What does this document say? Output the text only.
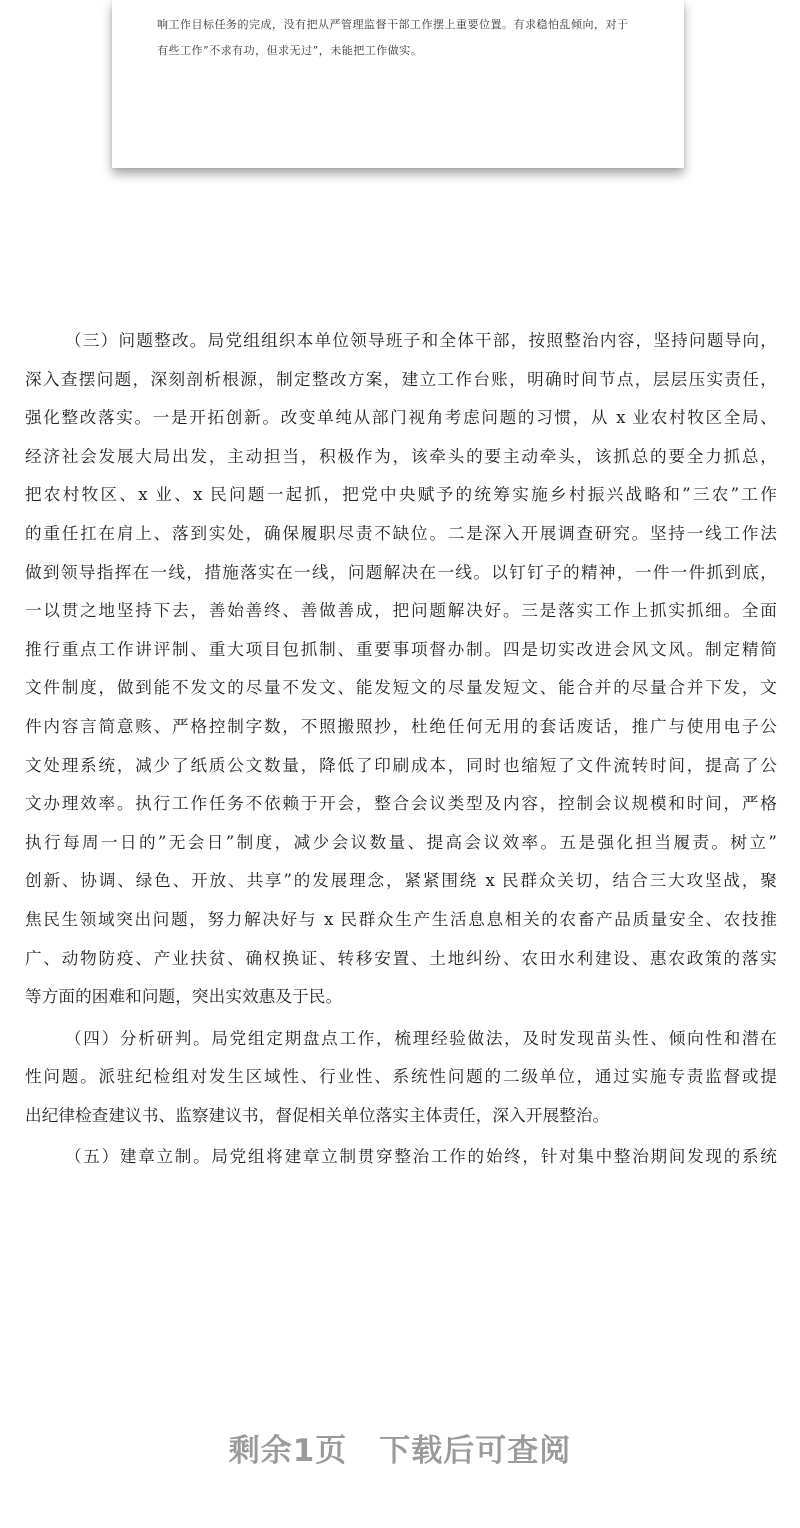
响工作目标任务的完成，没有把从严管理监督干部工作摆上重要位置。有求稳怕乱倾向，对于
有些工作”不求有功，但求无过”，未能把工作做实。
（三）问题整改。局党组组织本单位领导班子和全体干部，按照整治内容，坚持问题导向，
深入查摆问题，深刻剖析根源，制定整改方案，建立工作台账，明确时间节点，层层压实责任，
强化整改落实。一是开拓创新。改变单纯从部门视角考虑问题的习惯，从 x 业农村牧区全局、
经济社会发展大局出发，主动担当，积极作为，该牵头的要主动牵头，该抓总的要全力抓总，
把农村牧区、x 业、x 民问题一起抓，把党中央赋予的统筹实施乡村振兴战略和”三农”工作
的重任扛在肩上、落到实处，确保履职尽责不缺位。二是深入开展调查研究。坚持一线工作法
做到领导指挥在一线，措施落实在一线，问题解决在一线。以钉钉子的精神，一件一件抓到底，
一以贯之地坚持下去，善始善终、善做善成，把问题解决好。三是落实工作上抓实抓细。全面
推行重点工作讲评制、重大项目包抓制、重要事项督办制。四是切实改进会风文风。制定精简
文件制度，做到能不发文的尽量不发文、能发短文的尽量发短文、能合并的尽量合并下发，文
件内容言简意赅、严格控制字数，不照搬照抄，杜绝任何无用的套话废话，推广与使用电子公
文处理系统，减少了纸质公文数量，降低了印刷成本，同时也缩短了文件流转时间，提高了公
文办理效率。执行工作任务不依赖于开会，整合会议类型及内容，控制会议规模和时间，严格
执行每周一日的”无会日”制度，减少会议数量、提高会议效率。五是强化担当履责。树立”
创新、协调、绿色、开放、共享”的发展理念，紧紧围绕 x 民群众关切，结合三大攻坚战，聚
焦民生领域突出问题，努力解决好与 x 民群众生产生活息息相关的农畜产品质量安全、农技推
广、动物防疫、产业扶贫、确权换证、转移安置、土地纠纷、农田水利建设、惠农政策的落实
等方面的困难和问题，突出实效惠及于民。
（四）分析研判。局党组定期盘点工作，梳理经验做法，及时发现苗头性、倾向性和潜在
性问题。派驻纪检组对发生区域性、行业性、系统性问题的二级单位，通过实施专责监督或提
出纪律检查建议书、监察建议书，督促相关单位落实主体责任，深入开展整治。
（五）建章立制。局党组将建章立制贯穿整治工作的始终，针对集中整治期间发现的系统
剩余1页 下载后可查阅
